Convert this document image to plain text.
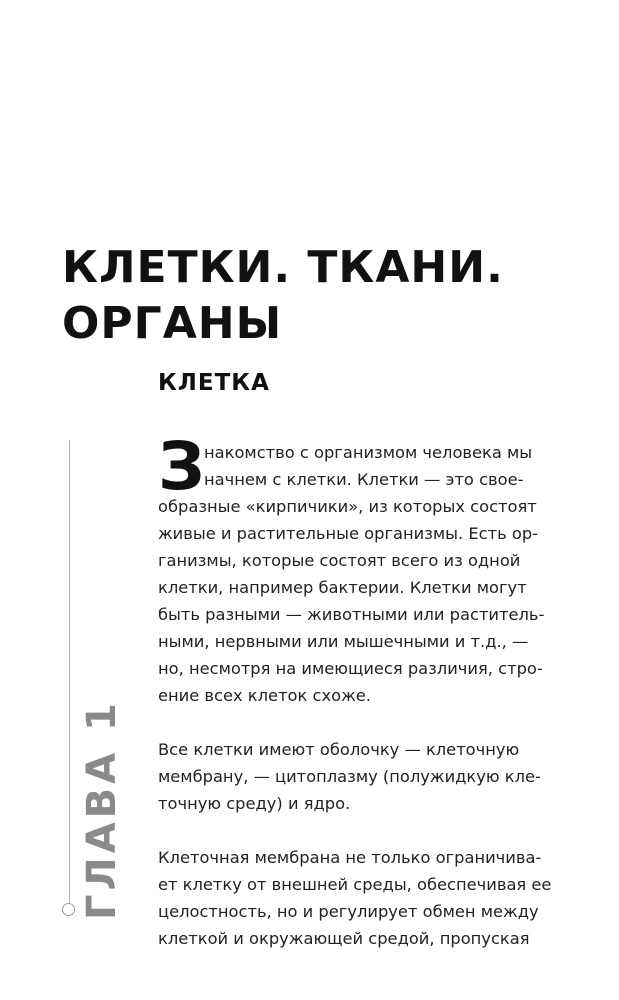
КЛЕТКИ. ТКАНИ.
ОРГАНЫ
КЛЕТКА
ГЛАВА 1

З накомство с организмом человека мы
начнем с клетки. Клетки — это свое-
образные «кирпичики», из которых состоят
живые и растительные организмы. Есть ор-
ганизмы, которые состоят всего из одной
клетки, например бактерии. Клетки могут
быть разными — животными или раститель-
ными, нервными или мышечными и т.д., —
но, несмотря на имеющиеся различия, стро-
ение всех клеток схоже.

Все клетки имеют оболочку — клеточную
мембрану, — цитоплазму (полужидкую кле-
точную среду) и ядро.

Клеточная мембрана не только ограничива-
ет клетку от внешней среды, обеспечивая ее
целостность, но и регулирует обмен между
клеткой и окружающей средой, пропуская
